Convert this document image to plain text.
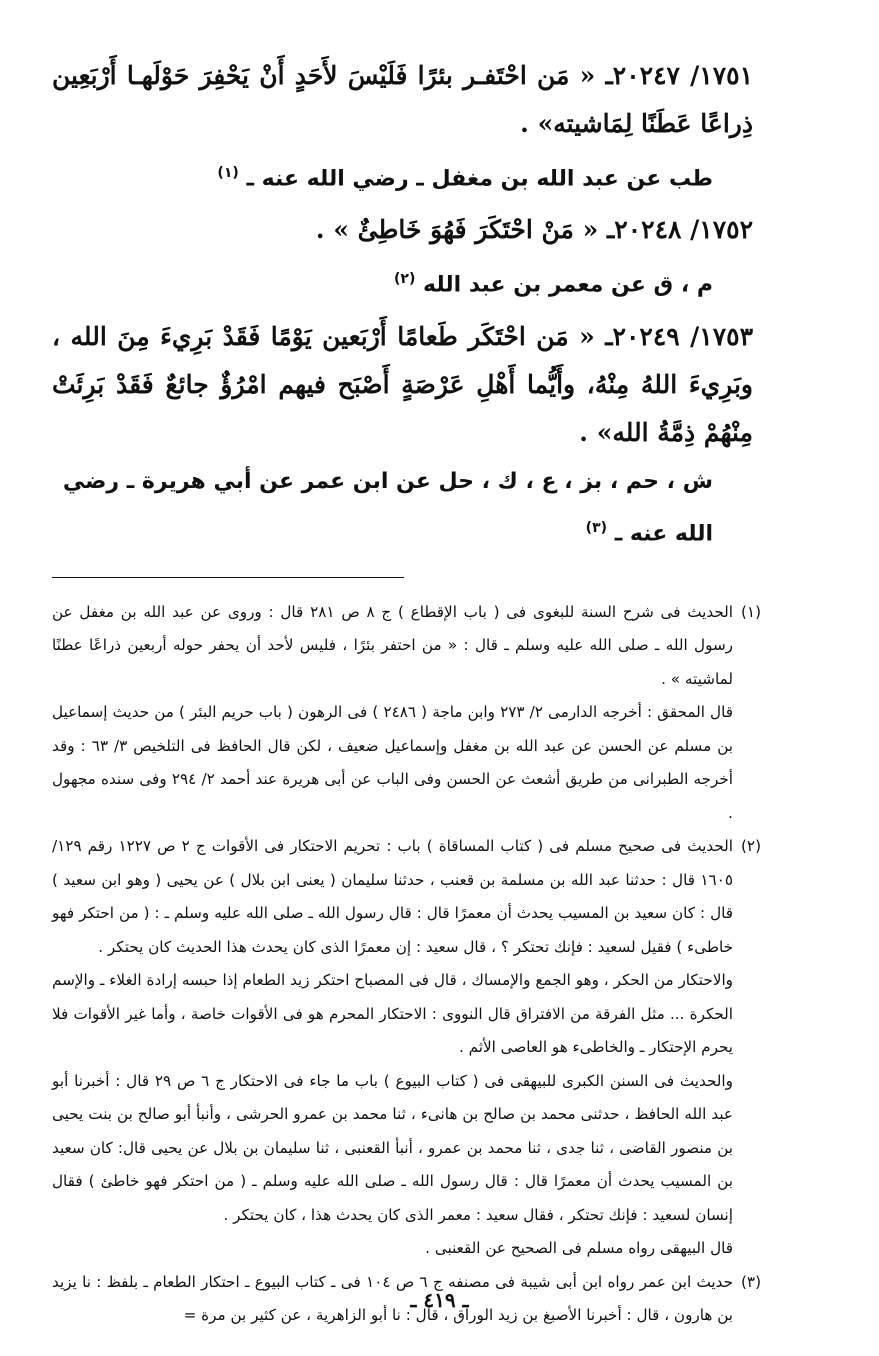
١٧٥١/ ٢٠٢٤٧ـ « مَن احْتَفـر بئرًا فَلَيْسَ لأَحَدٍ أَنْ يَحْفِرَ حَوْلَهـا أَرْبَعِين ذِراعًا عَطَنًا لِمَاشيته» .

طب عن عبد الله بن مغفل ـ رضي الله عنه ـ $^{(١)}$

١٧٥٢/ ٢٠٢٤٨ـ « مَنْ احْتَكَرَ فَهُوَ خَاطِئٌ » .

م ، ق عن معمر بن عبد الله $^{(٢)}$

١٧٥٣/ ٢٠٢٤٩ـ « مَن احْتَكَر طَعامًا أَرْبَعين يَوْمًا فَقَدْ بَرِيءَ مِنَ الله ، وبَرِيءَ اللهُ مِنْهُ، وأَيُّما أَهْلِ عَرْصَةٍ أَصْبَح فيهم امْرُؤٌ جائعٌ فَقَدْ بَرِئَتْ مِنْهُمْ ذِمَّةُ الله» .

ش ، حم ، بز ، ع ، ك ، حل عن ابن عمر عن أبي هريرة ـ رضي الله عنه ـ $^{(٣)}$

(١)

الحديث فى شرح السنة للبغوى فى ( باب الإقطاع ) ج ٨ ص ٢٨١ قال : وروى عن عبد الله بن مغفل عن رسول الله ـ صلى الله عليه وسلم ـ قال : « من احتفر بئرًا ، فليس لأحد أن يحفر حوله أربعين ذراعًا عطنًا لماشيته » .

قال المحقق : أخرجه الدارمى ٢/ ٢٧٣ وابن ماجة ( ٢٤٨٦ ) فى الرهون ( باب حريم البئر ) من حديث إسماعيل بن مسلم عن الحسن عن عبد الله بن مغفل وإسماعيل ضعيف ، لكن قال الحافظ فى التلخيص ٣/ ٦٣ : وقد أخرجه الطبرانى من طريق أشعث عن الحسن وفى الباب عن أبى هريرة عند أحمد ٢/ ٢٩٤ وفى سنده مجهول .

(٢)

الحديث فى صحيح مسلم فى ( كتاب المساقاة ) باب : تحريم الاحتكار فى الأقوات ج ٢ ص ١٢٢٧ رقم ١٢٩/ ١٦٠٥ قال : حدثنا عبد الله بن مسلمة بن قعنب ، حدثنا سليمان ( يعنى ابن بلال ) عن يحيى ( وهو ابن سعيد ) قال : كان سعيد بن المسيب يحدث أن معمرًا قال : قال رسول الله ـ صلى الله عليه وسلم ـ : ( من احتكر فهو خاطىء ) فقيل لسعيد : فإنك تحتكر ؟ ، قال سعيد : إن معمرًا الذى كان يحدث هذا الحديث كان يحتكر .

والاحتكار من الحكر ، وهو الجمع والإمساك ، قال فى المصباح احتكر زيد الطعام إذا حبسه إرادة الغلاء ـ والإسم الحكرة ... مثل الفرقة من الافتراق قال النووى : الاحتكار المحرم هو فى الأقوات خاصة ، وأما غير الأقوات فلا يحرم الإحتكار ـ والخاطىء هو العاصى الأثم .

والحديث فى السنن الكبرى للبيهقى فى ( كتاب البيوع ) باب ما جاء فى الاحتكار ج ٦ ص ٢٩ قال : أخبرنا أبو عبد الله الحافظ ، حدثنى محمد بن صالح بن هانىء ، ثنا محمد بن عمرو الحرشى ، وأنبأ أبو صالح بن بنت يحيى بن منصور القاضى ، ثنا جدى ، ثنا محمد بن عمرو ، أنبأ القعنبى ، ثنا سليمان بن بلال عن يحيى قال: كان سعيد بن المسيب يحدث أن معمرًا قال : قال رسول الله ـ صلى الله عليه وسلم ـ ( من احتكر فهو خاطئ ) فقال إنسان لسعيد : فإنك تحتكر ، فقال سعيد : معمر الذى كان يحدث هذا ، كان يحتكر .

قال البيهقى رواه مسلم فى الصحيح عن القعنبى .

(٣)

حديث ابن عمر رواه ابن أبى شيبة فى مصنفه ج ٦ ص ١٠٤ فى ـ كتاب البيوع ـ احتكار الطعام ـ بلفظ : نا يزيد بن هارون ، قال : أخبرنا الأصبغ بن زيد الوراق ، قال : نا أبو الزاهرية ، عن كثير بن مرة =

ـ ٤١٩ ـ
